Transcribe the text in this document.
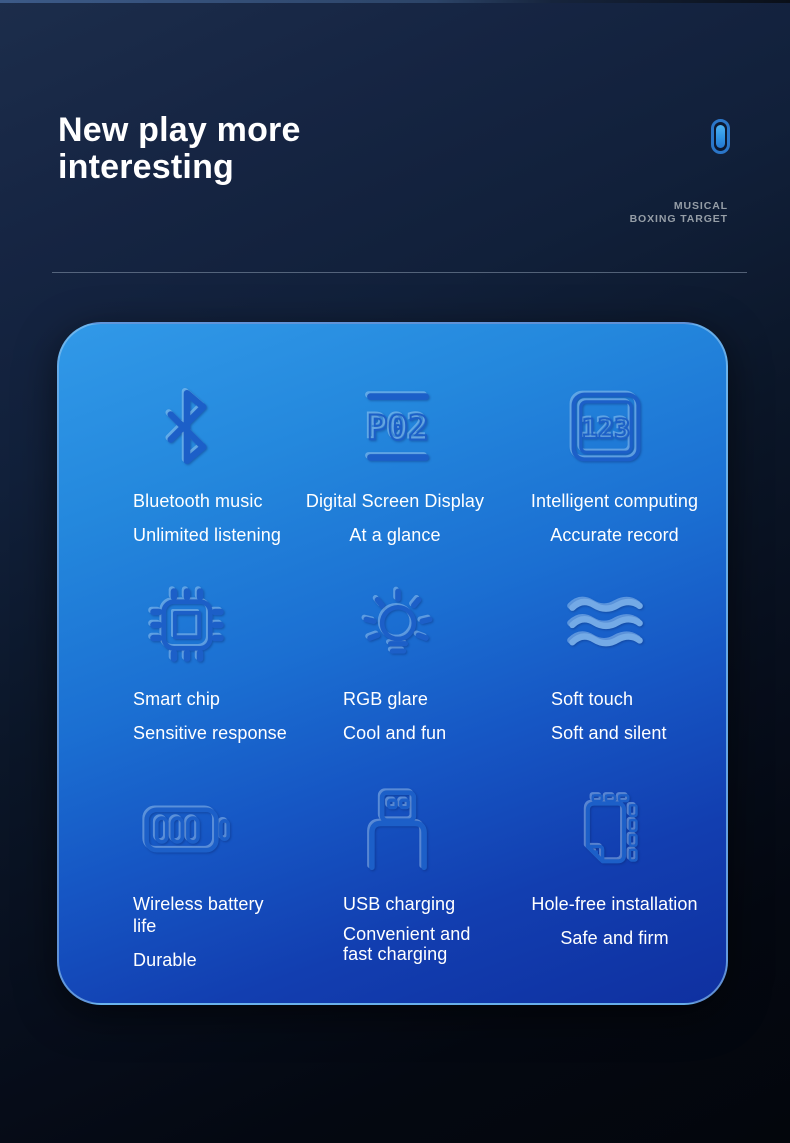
New play more
interesting
MUSICAL
BOXING TARGET
Bluetooth music
Unlimited listening
P02
Digital Screen Display
At a glance
123
Intelligent computing
Accurate record
Smart chip
Sensitive response
RGB glare
Cool and fun
Soft touch
Soft and silent
Wireless battery life
Durable
USB charging
Convenient and fast charging
Hole-free installation
Safe and firm
